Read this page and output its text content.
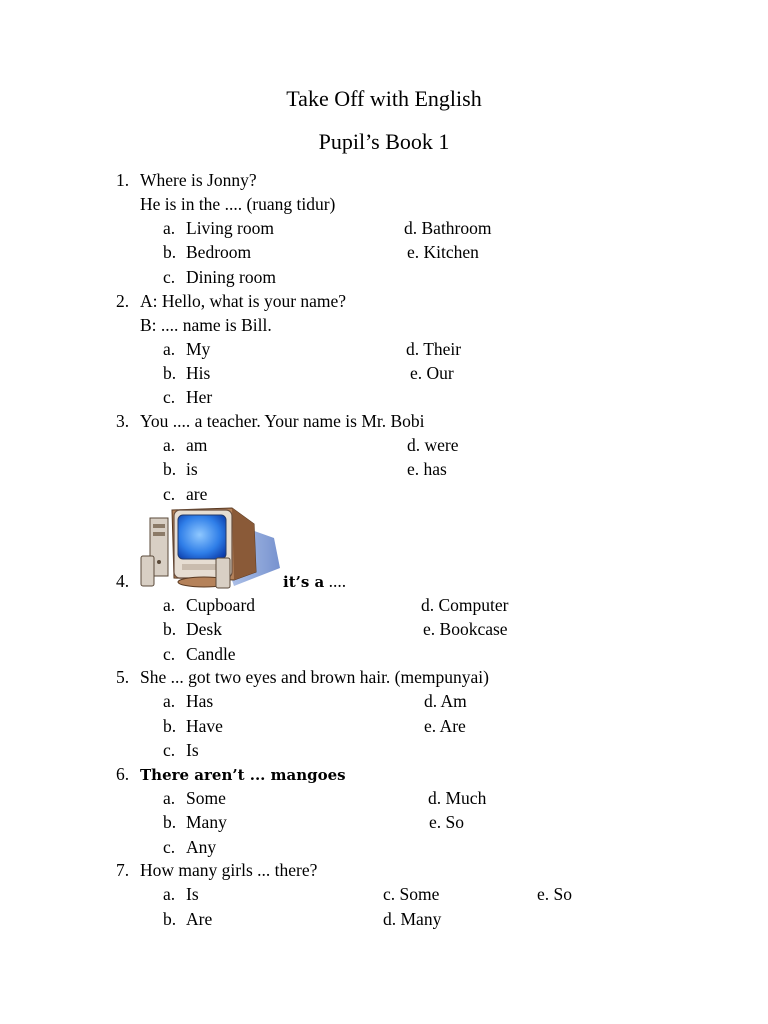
Take Off with English
Pupil’s Book 1
1. Where is Jonny?
He is in the .... (ruang tidur)
a. Living room
b. Bedroom
c. Dining room
d. Bathroom
e. Kitchen
2. A: Hello, what is your name?
B: .... name is Bill.
a. My
b. His
c. Her
d. Their
e. Our
3. You .... a teacher. Your name is Mr. Bobi
a. am
b. is
c. are
d. were
e. has
4.	it’s a ....
a. Cupboard
b. Desk
c. Candle
d. Computer
e. Bookcase
5. She ... got two eyes and brown hair. (mempunyai)
a. Has
b. Have
c. Is
d. Am
e. Are
6. There aren’t ... mangoes
a. Some
b. Many
c. Any
d. Much
e. So
7. How many girls ... there?
a. Is
b. Are
c. Some
d. Many
e. So
